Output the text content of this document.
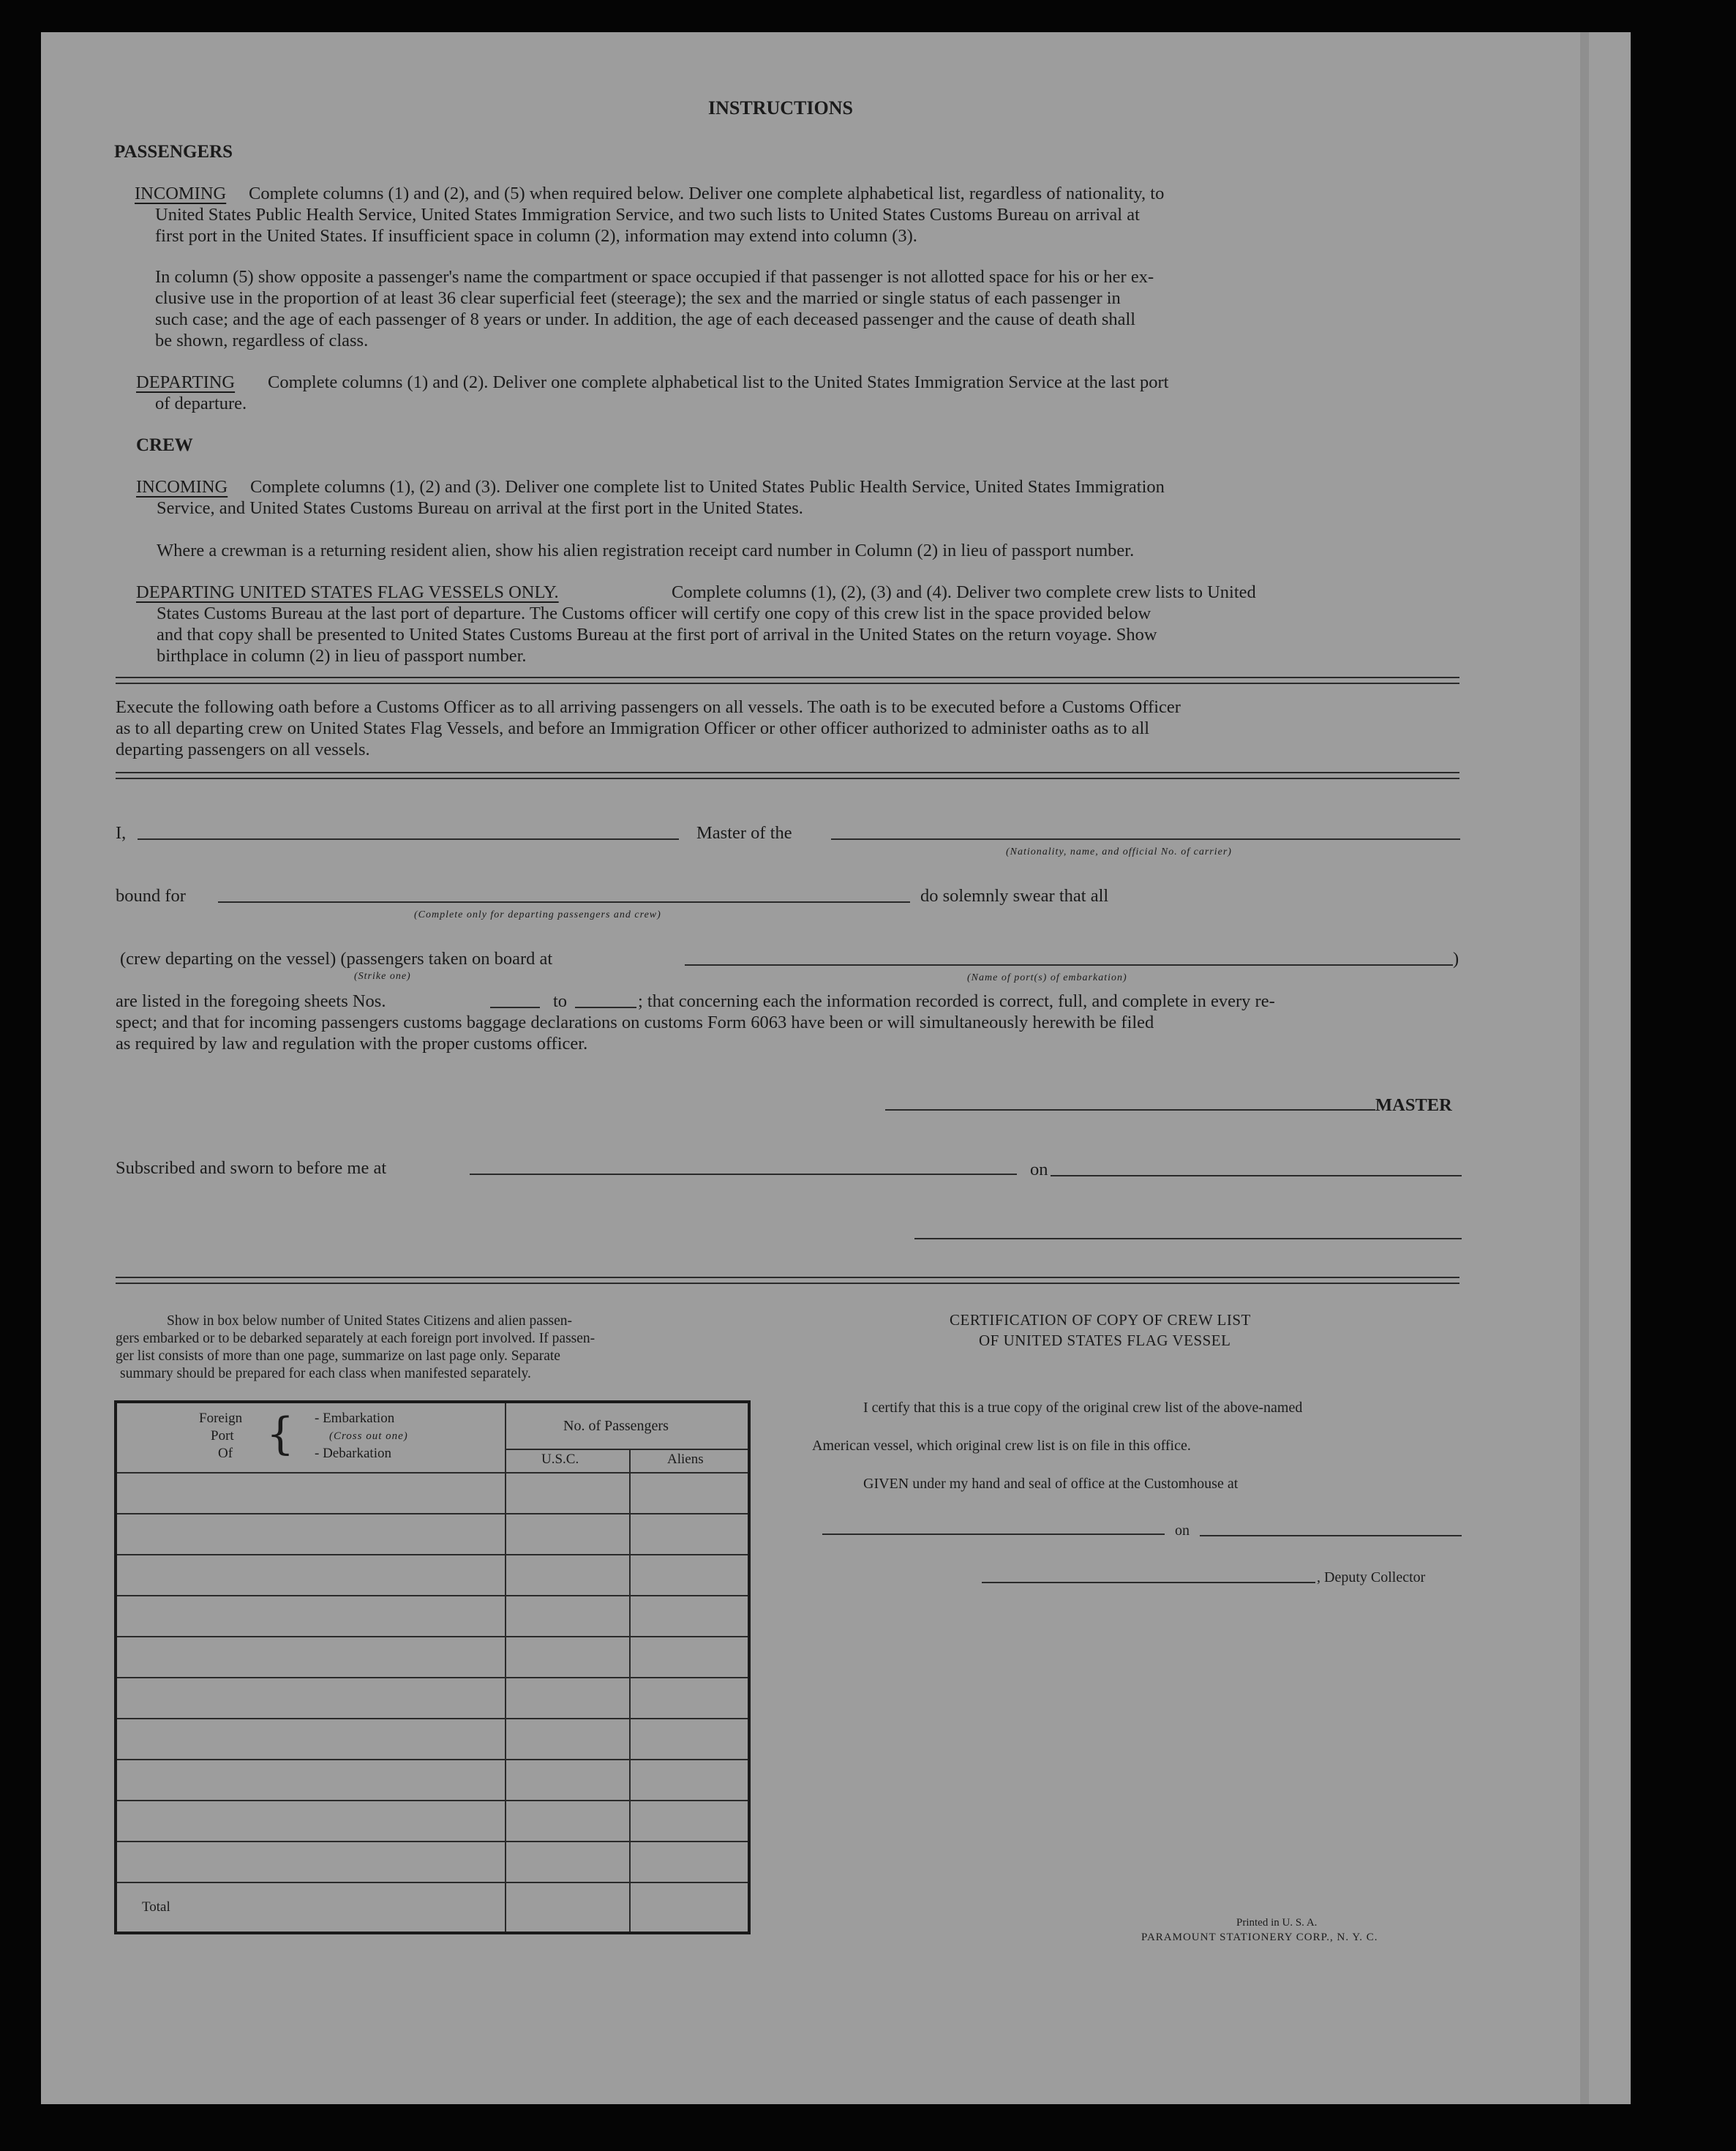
INSTRUCTIONS
PASSENGERS
INCOMING Complete columns (1) and (2), and (5) when required below. Deliver one complete alphabetical list, regardless of nationality, to
United States Public Health Service, United States Immigration Service, and two such lists to United States Customs Bureau on arrival at
first port in the United States. If insufficient space in column (2), information may extend into column (3).
In column (5) show opposite a passenger's name the compartment or space occupied if that passenger is not allotted space for his or her ex-
clusive use in the proportion of at least 36 clear superficial feet (steerage); the sex and the married or single status of each passenger in
such case; and the age of each passenger of 8 years or under. In addition, the age of each deceased passenger and the cause of death shall
be shown, regardless of class.
DEPARTING Complete columns (1) and (2). Deliver one complete alphabetical list to the United States Immigration Service at the last port
of departure.
CREW
INCOMING Complete columns (1), (2) and (3). Deliver one complete list to United States Public Health Service, United States Immigration
Service, and United States Customs Bureau on arrival at the first port in the United States.
Where a crewman is a returning resident alien, show his alien registration receipt card number in Column (2) in lieu of passport number.
DEPARTING UNITED STATES FLAG VESSELS ONLY.	Complete columns (1), (2), (3) and (4). Deliver two complete crew lists to United
States Customs Bureau at the last port of departure. The Customs officer will certify one copy of this crew list in the space provided below
and that copy shall be presented to United States Customs Bureau at the first port of arrival in the United States on the return voyage. Show
birthplace in column (2) in lieu of passport number.
Execute the following oath before a Customs Officer as to all arriving passengers on all vessels. The oath is to be executed before a Customs Officer
as to all departing crew on United States Flag Vessels, and before an Immigration Officer or other officer authorized to administer oaths as to all
departing passengers on all vessels.
I,	Master of the
(Nationality, name, and official No. of carrier)
bound for
(Complete only for departing passengers and crew)
do solemnly swear that all
(crew departing on the vessel) (passengers taken on board at
(Strike one)	(Name of port(s) of embarkation)
)
are listed in the foregoing sheets Nos.	to	; that concerning each the information recorded is correct, full, and complete in every re-
spect; and that for incoming passengers customs baggage declarations on customs Form 6063 have been or will simultaneously herewith be filed
as required by law and regulation with the proper customs officer.
MASTER
Subscribed and sworn to before me at	on
Show in box below number of United States Citizens and alien passen-
gers embarked or to be debarked separately at each foreign port involved. If passen-
ger list consists of more than one page, summarize on last page only. Separate
summary should be prepared for each class when manifested separately.
Foreign
Port
Of { - Embarkation
(Cross out one)
- Debarkation
No. of Passengers
U.S.C.	Aliens
Total
CERTIFICATION OF COPY OF CREW LIST
OF UNITED STATES FLAG VESSEL
I certify that this is a true copy of the original crew list of the above-named
American vessel, which original crew list is on file in this office.
GIVEN under my hand and seal of office at the Customhouse at
on
, Deputy Collector
Printed in U. S. A.
PARAMOUNT STATIONERY CORP., N. Y. C.
